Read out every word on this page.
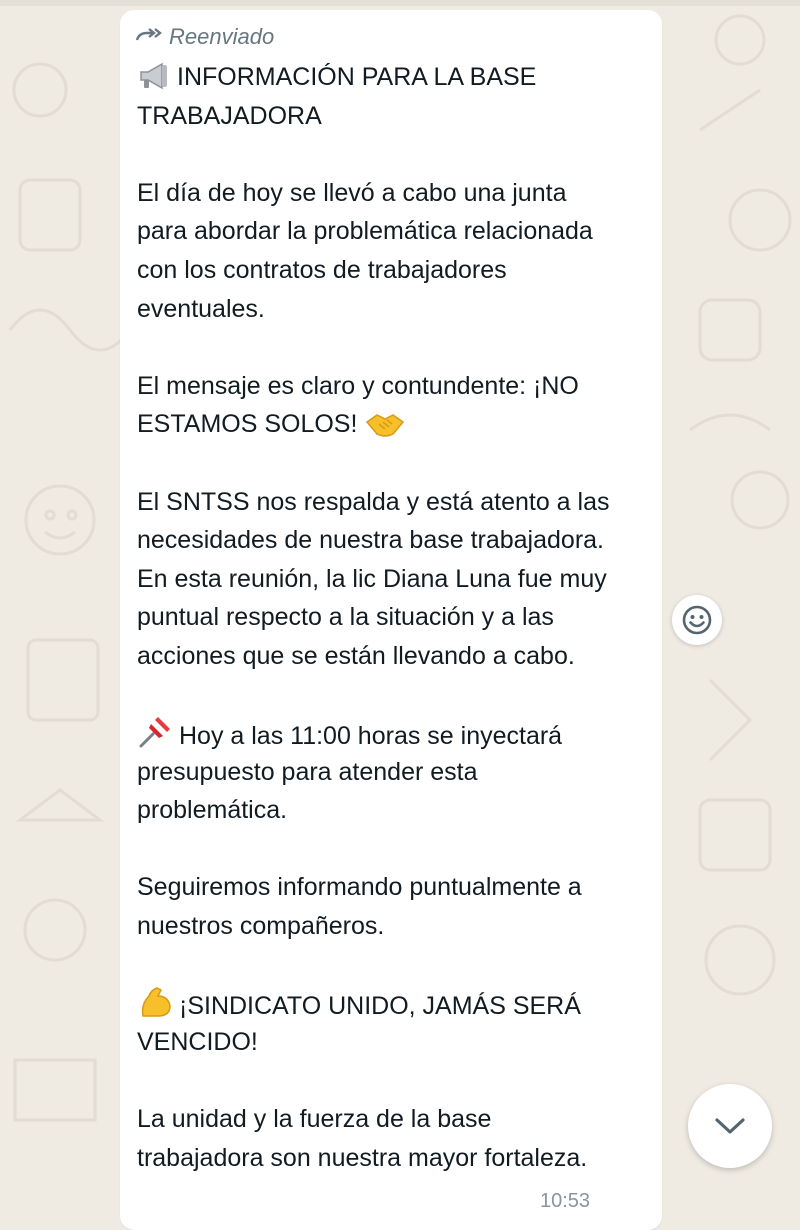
Reenviado
INFORMACIÓN PARA LA BASE
TRABAJADORA
El día de hoy se llevó a cabo una junta
para abordar la problemática relacionada
con los contratos de trabajadores
eventuales.
El mensaje es claro y contundente: ¡NO
ESTAMOS SOLOS!
El SNTSS nos respalda y está atento a las
necesidades de nuestra base trabajadora.
En esta reunión, la lic Diana Luna fue muy
puntual respecto a la situación y a las
acciones que se están llevando a cabo.
Hoy a las 11:00 horas se inyectará
presupuesto para atender esta
problemática.
Seguiremos informando puntualmente a
nuestros compañeros.
¡SINDICATO UNIDO, JAMÁS SERÁ
VENCIDO!
La unidad y la fuerza de la base
trabajadora son nuestra mayor fortaleza.
10:53
